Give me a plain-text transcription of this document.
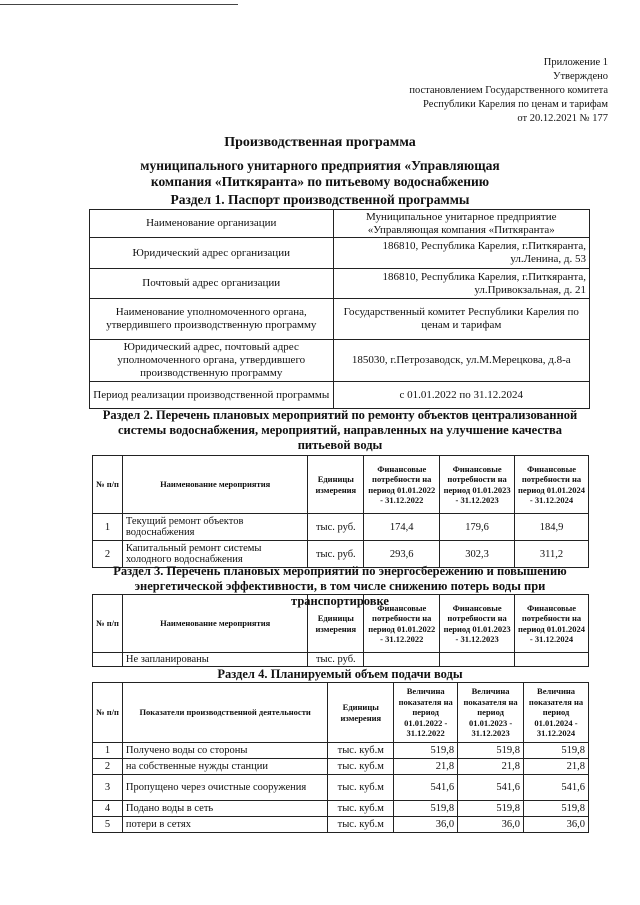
Приложение 1
Утверждено
постановлением Государственного комитета
Республики Карелия по ценам и тарифам
от 20.12.2021 № 177
Производственная программа
муниципального унитарного предприятия «Управляющая компания «Питкяранта» по питьевому водоснабжению
Раздел 1. Паспорт производственной программы
Наименование организации	Муниципальное унитарное предприятие «Управляющая компания «Питкяранта»
Юридический адрес организации	186810, Республика Карелия, г.Питкяранта, ул.Ленина, д. 53
Почтовый адрес организации	186810, Республика Карелия, г.Питкяранта, ул.Привокзальная, д. 21
Наименование уполномоченного органа, утвердившего производственную программу	Государственный комитет Республики Карелия по ценам и тарифам
Юридический адрес, почтовый адрес уполномоченного органа, утвердившего производственную программу	185030, г.Петрозаводск, ул.М.Мерецкова, д.8-а
Период реализации производственной программы	с 01.01.2022 по 31.12.2024
Раздел 2. Перечень плановых мероприятий по ремонту объектов централизованной системы водоснабжения, мероприятий, направленных на улучшение качества питьевой воды
№ п/п	Наименование мероприятия	Единицы измерения	Финансовые потребности на период 01.01.2022 - 31.12.2022	Финансовые потребности на период 01.01.2023 - 31.12.2023	Финансовые потребности на период 01.01.2024 - 31.12.2024
1	Текущий ремонт объектов водоснабжения	тыс. руб.	174,4	179,6	184,9
2	Капитальный ремонт системы холодного водоснабжения	тыс. руб.	293,6	302,3	311,2
Раздел 3. Перечень плановых мероприятий по энергосбережению и повышению энергетической эффективности, в том числе снижению потерь воды при транспортировке
№ п/п	Наименование мероприятия	Единицы измерения	Финансовые потребности на период 01.01.2022 - 31.12.2022	Финансовые потребности на период 01.01.2023 - 31.12.2023	Финансовые потребности на период 01.01.2024 - 31.12.2024
	Не запланированы	тыс. руб.			
Раздел 4. Планируемый объем подачи воды
№ п/п	Показатели производственной деятельности	Единицы измерения	Величина показателя на период 01.01.2022 - 31.12.2022	Величина показателя на период 01.01.2023 - 31.12.2023	Величина показателя на период 01.01.2024 - 31.12.2024
1	Получено воды со стороны	тыс. куб.м	519,8	519,8	519,8
2	на собственные нужды станции	тыс. куб.м	21,8	21,8	21,8
3	Пропущено через очистные сооружения	тыс. куб.м	541,6	541,6	541,6
4	Подано воды в сеть	тыс. куб.м	519,8	519,8	519,8
5	потери в сетях	тыс. куб.м	36,0	36,0	36,0
